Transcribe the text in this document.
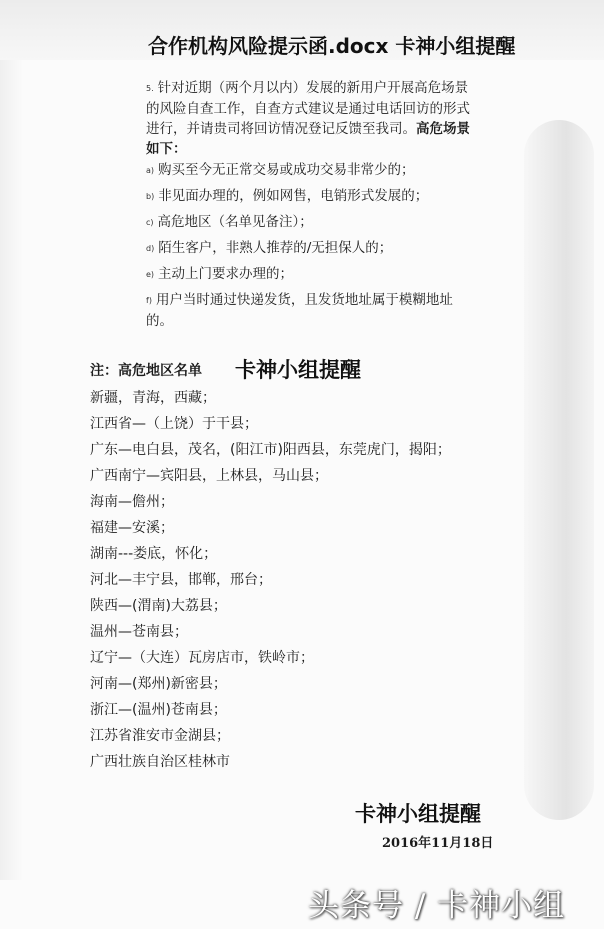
合作机构风险提示函.docx 卡神小组提醒
5. 针对近期（两个月以内）发展的新用户开展高危场景的风险自查工作，自查方式建议是通过电话回访的形式进行，并请贵司将回访情况登记反馈至我司。高危场景如下：
a) 购买至今无正常交易或成功交易非常少的；
b) 非见面办理的，例如网售，电销形式发展的；
c) 高危地区（名单见备注）；
d) 陌生客户，非熟人推荐的/无担保人的；
e) 主动上门要求办理的；
f) 用户当时通过快递发货，且发货地址属于模糊地址的。
注：高危地区名单 卡神小组提醒
新疆，青海，西藏；
江西省—（上饶）于干县；
广东—电白县，茂名，(阳江市)阳西县，东莞虎门，揭阳；
广西南宁—宾阳县，上林县，马山县；
海南—儋州；
福建—安溪；
湖南---娄底，怀化；
河北—丰宁县，邯郸，邢台；
陕西—(渭南)大荔县；
温州—苍南县；
辽宁—（大连）瓦房店市，铁岭市；
河南—(郑州)新密县；
浙江—(温州)苍南县；
江苏省淮安市金湖县；
广西壮族自治区桂林市
卡神小组提醒
2016年11月18日
头条号 / 卡神小组
